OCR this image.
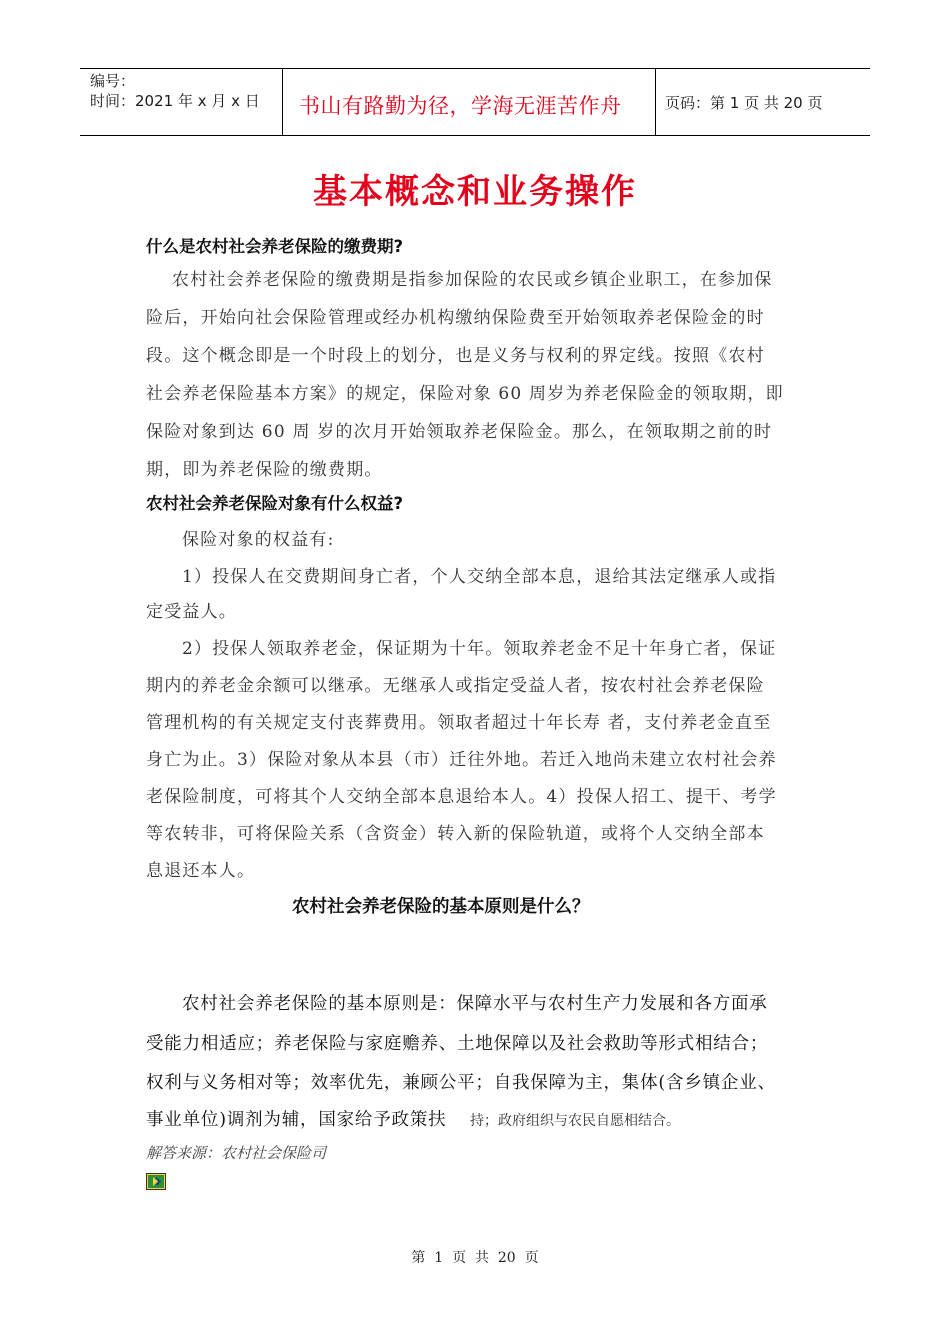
编号：
时间：2021 年 x 月 x 日 书山有路勤为径，学海无涯苦作舟	页码：第 1 页 共 20 页
基本概念和业务操作
什么是农村社会养老保险的缴费期?
农村社会养老保险的缴费期是指参加保险的农民或乡镇企业职工，在参加保
险后，开始向社会保险管理或经办机构缴纳保险费至开始领取养老保险金的时
段。这个概念即是一个时段上的划分，也是义务与权利的界定线。按照《农村
社会养老保险基本方案》的规定，保险对象 60 周岁为养老保险金的领取期，即
保险对象到达 60 周 岁的次月开始领取养老保险金。那么，在领取期之前的时
期，即为养老保险的缴费期。
农村社会养老保险对象有什么权益?
保险对象的权益有:
1）投保人在交费期间身亡者，个人交纳全部本息，退给其法定继承人或指
定受益人。
2）投保人领取养老金，保证期为十年。领取养老金不足十年身亡者，保证
期内的养老金余额可以继承。无继承人或指定受益人者，按农村社会养老保险
管理机构的有关规定支付丧葬费用。领取者超过十年长寿 者，支付养老金直至
身亡为止。3）保险对象从本县（市）迁往外地。若迁入地尚未建立农村社会养
老保险制度，可将其个人交纳全部本息退给本人。4）投保人招工、提干、考学
等农转非，可将保险关系（含资金）转入新的保险轨道，或将个人交纳全部本
息退还本人。
农村社会养老保险的基本原则是什么？
农村社会养老保险的基本原则是：保障水平与农村生产力发展和各方面承
受能力相适应；养老保险与家庭赡养、土地保障以及社会救助等形式相结合；
权利与义务相对等；效率优先，兼顾公平；自我保障为主，集体(含乡镇企业、
事业单位)调剂为辅，国家给予政策扶 持；政府组织与农民自愿相结合。
解答来源：农村社会保险司
第  1  页  共  20  页
